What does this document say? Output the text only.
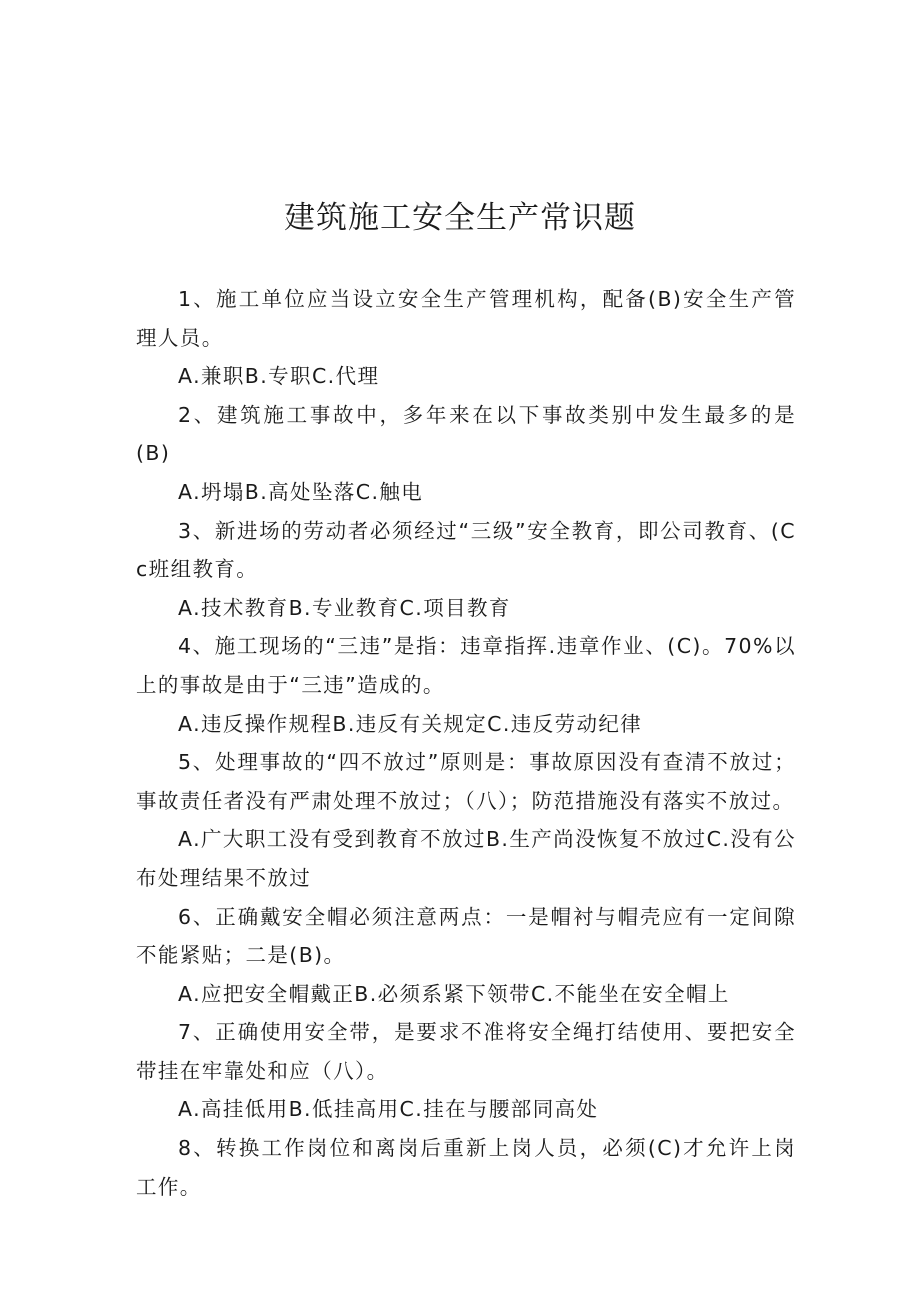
建筑施工安全生产常识题

1、施工单位应当设立安全生产管理机构，配备(B)安全生产管理人员。

A.兼职B.专职C.代理

2、建筑施工事故中，多年来在以下事故类别中发生最多的是(B)

A.坍塌B.高处坠落C.触电

3、新进场的劳动者必须经过“三级”安全教育，即公司教育、(Cc班组教育。

A.技术教育B.专业教育C.项目教育

4、施工现场的“三违”是指：违章指挥.违章作业、(C)。70%以上的事故是由于“三违”造成的。

A.违反操作规程B.违反有关规定C.违反劳动纪律

5、处理事故的“四不放过”原则是：事故原因没有查清不放过；事故责任者没有严肃处理不放过；（八）；防范措施没有落实不放过。

A.广大职工没有受到教育不放过B.生产尚没恢复不放过C.没有公布处理结果不放过

6、正确戴安全帽必须注意两点：一是帽衬与帽壳应有一定间隙不能紧贴；二是(B)。

A.应把安全帽戴正B.必须系紧下领带C.不能坐在安全帽上

7、正确使用安全带，是要求不准将安全绳打结使用、要把安全带挂在牢靠处和应（八）。

A.高挂低用B.低挂高用C.挂在与腰部同高处

8、转换工作岗位和离岗后重新上岗人员，必须(C)才允许上岗工作。
